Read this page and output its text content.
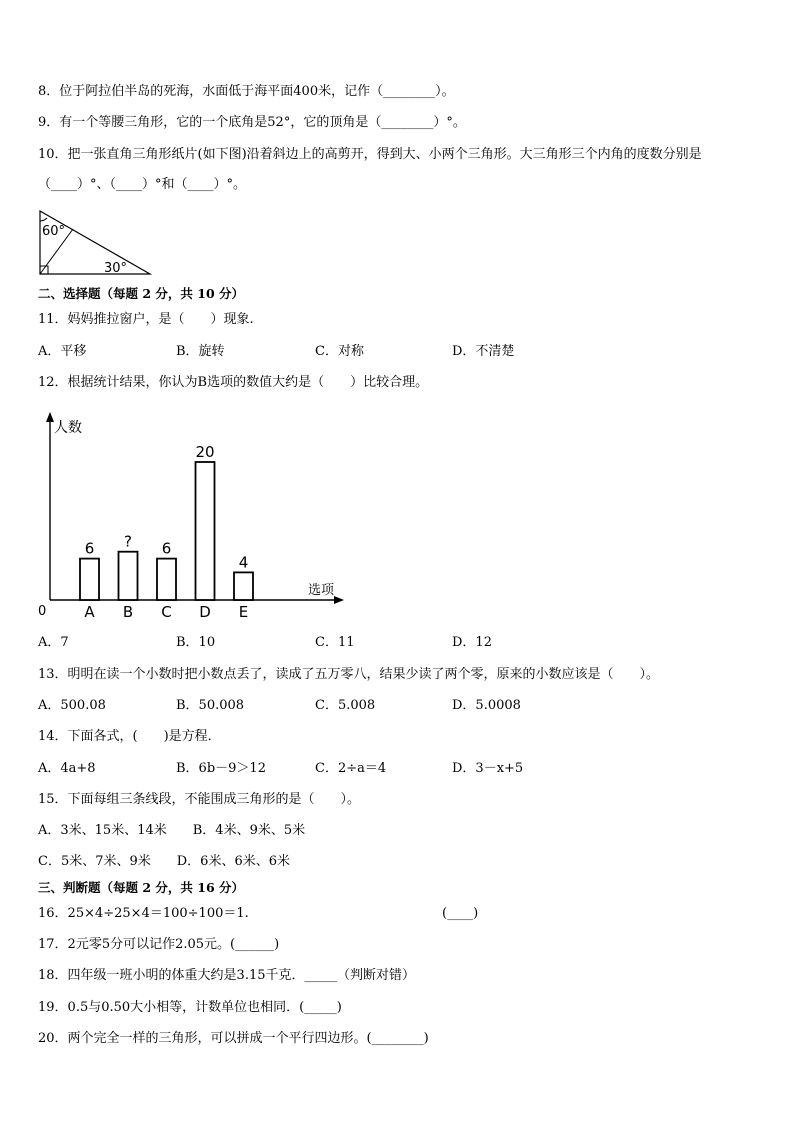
8．位于阿拉伯半岛的死海，水面低于海平面400米，记作（________）。
9．有一个等腰三角形，它的一个底角是52°，它的顶角是（________）°。
10．把一张直角三角形纸片(如下图)沿着斜边上的高剪开，得到大、小两个三角形。大三角形三个内角的度数分别是
（____）°、（____）°和（____）°。
60°
30°
二、选择题（每题 2 分，共 10 分）
11．妈妈推拉窗户，是（　　）现象.
A．平移	B．旋转	C．对称	D．不清楚
12．根据统计结果，你认为B选项的数值大约是（　　）比较合理。
人数
选项
0
6
A
?
B
6
C
20
D
4
E
A．7	B．10	C．11	D．12
13．明明在读一个小数时把小数点丢了，读成了五万零八，结果少读了两个零，原来的小数应该是（　　）。
A．500.08	B．50.008	C．5.008	D．5.0008
14．下面各式，(　　)是方程．
A．4a+8	B．6b－9＞12	C．2÷a＝4	D．3－x+5
15．下面每组三条线段，不能围成三角形的是（　　）。
A．3米、15米、14米　　B．4米、9米、5米
C．5米、7米、9米　　D．6米、6米、6米
三、判断题（每题 2 分，共 16 分）
16．25×4÷25×4＝100÷100＝1.	(____)
17．2元零5分可以记作2.05元。(______)
18．四年级一班小明的体重大约是3.15千克．_____（判断对错）
19．0.5与0.50大小相等，计数单位也相同．(_____)
20．两个完全一样的三角形，可以拼成一个平行四边形。(________)
